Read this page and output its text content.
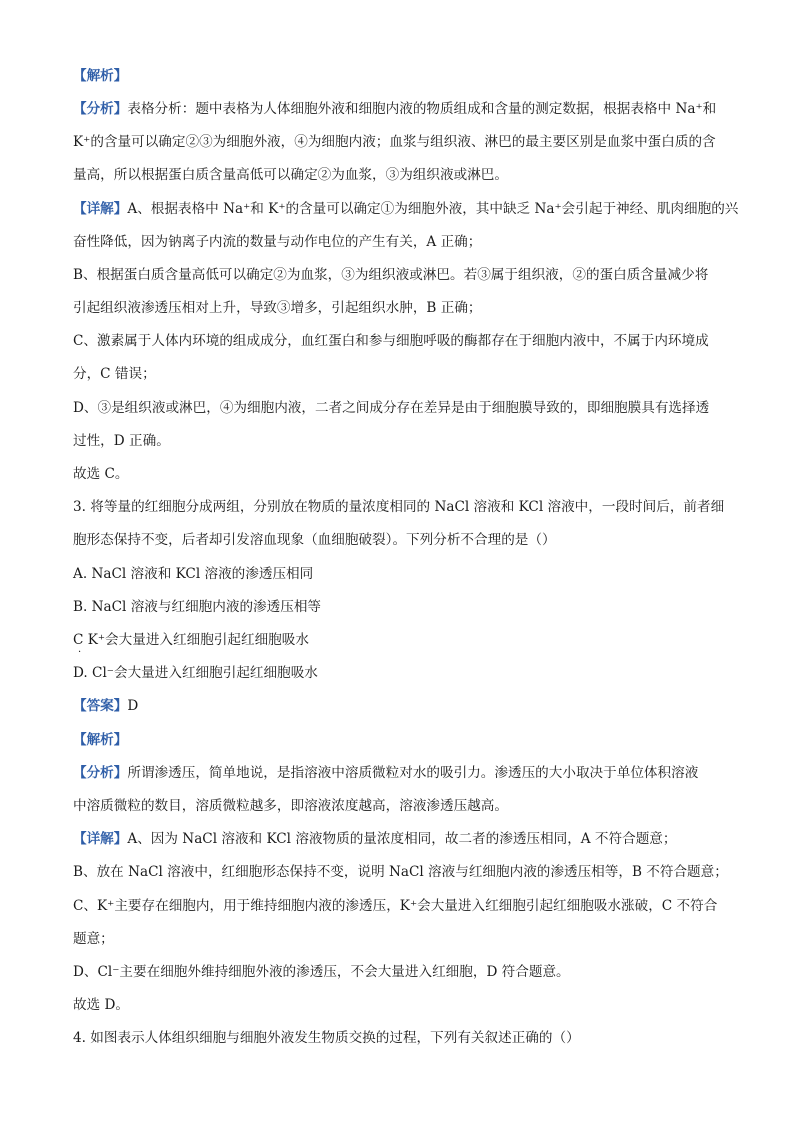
【解析】
【分析】表格分析：题中表格为人体细胞外液和细胞内液的物质组成和含量的测定数据，根据表格中 Na⁺和
K⁺的含量可以确定②③为细胞外液，④为细胞内液；血浆与组织液、淋巴的最主要区别是血浆中蛋白质的含
量高，所以根据蛋白质含量高低可以确定②为血浆，③为组织液或淋巴。
【详解】A、根据表格中 Na⁺和 K⁺的含量可以确定①为细胞外液，其中缺乏 Na⁺会引起于神经、肌肉细胞的兴
奋性降低，因为钠离子内流的数量与动作电位的产生有关，A 正确；
B、根据蛋白质含量高低可以确定②为血浆，③为组织液或淋巴。若③属于组织液，②的蛋白质含量减少将
引起组织液渗透压相对上升，导致③增多，引起组织水肿，B 正确；
C、激素属于人体内环境的组成成分，血红蛋白和参与细胞呼吸的酶都存在于细胞内液中，不属于内环境成
分，C 错误；
D、③是组织液或淋巴，④为细胞内液，二者之间成分存在差异是由于细胞膜导致的，即细胞膜具有选择透
过性，D 正确。
故选 C。
3. 将等量的红细胞分成两组，分别放在物质的量浓度相同的 NaCl 溶液和 KCl 溶液中，一段时间后，前者细
胞形态保持不变，后者却引发溶血现象（血细胞破裂）。下列分析不合理的是（）
A. NaCl 溶液和 KCl 溶液的渗透压相同
B. NaCl 溶液与红细胞内液的渗透压相等
C K⁺会大量进入红细胞引起红细胞吸水
·
D. Cl⁻会大量进入红细胞引起红细胞吸水
【答案】D
【解析】
【分析】所谓渗透压，简单地说，是指溶液中溶质微粒对水的吸引力。渗透压的大小取决于单位体积溶液
中溶质微粒的数目，溶质微粒越多，即溶液浓度越高，溶液渗透压越高。
【详解】A、因为 NaCl 溶液和 KCl 溶液物质的量浓度相同，故二者的渗透压相同，A 不符合题意；
B、放在 NaCl 溶液中，红细胞形态保持不变，说明 NaCl 溶液与红细胞内液的渗透压相等，B 不符合题意；
C、K⁺主要存在细胞内，用于维持细胞内液的渗透压，K⁺会大量进入红细胞引起红细胞吸水涨破，C 不符合
题意；
D、Cl⁻主要在细胞外维持细胞外液的渗透压，不会大量进入红细胞，D 符合题意。
故选 D。
4. 如图表示人体组织细胞与细胞外液发生物质交换的过程，下列有关叙述正确的（）
